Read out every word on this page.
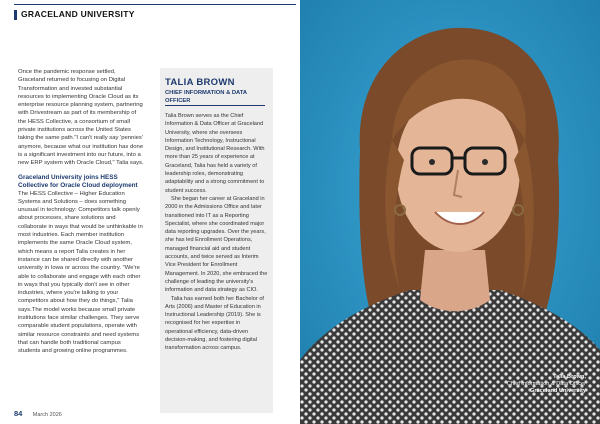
GRACELAND UNIVERSITY

Once the pandemic response settled, Graceland returned to focusing on Digital Transformation and invested substantial resources to implementing Oracle Cloud as its enterprise resource planning system, partnering with Drivestream as part of its membership of the HESS Collective, a consortium of small private institutions across the United States taking the same path."I can't really say 'pennies' anymore, because what our institution has done is a significant investment into our future, into a new ERP system with Oracle Cloud," Talia says.

Graceland University joins HESS Collective for Oracle Cloud deployment

The HESS Collective – Higher Education Systems and Solutions – does something unusual in technology: Competitors talk openly about processes, share solutions and collaborate in ways that would be unthinkable in most industries. Each member institution implements the same Oracle Cloud system, which means a report Talia creates in her instance can be shared directly with another university in Iowa or across the country. "We're able to collaborate and engage with each other in ways that you typically don't see in other industries, where you're talking to your competitors about how they do things," Talia says.The model works because small private institutions face similar challenges. They serve comparable student populations, operate with similar resource constraints and need systems that can handle both traditional campus students and growing online programmes.

TALIA BROWN
CHIEF INFORMATION & DATA OFFICER

Talia Brown serves as the Chief Information & Data Officer at Graceland University, where she oversees Information Technology, Instructional Design, and Institutional Research. With more than 25 years of experience at Graceland, Talia has held a variety of leadership roles, demonstrating adaptability and a strong commitment to student success.

She began her career at Graceland in 2000 in the Admissions Office and later transitioned into IT as a Reporting Specialist, where she coordinated major data reporting upgrades. Over the years, she has led Enrollment Operations, managed financial aid and student accounts, and twice served as Interim Vice President for Enrollment Management. In 2020, she embraced the challenge of leading the university's information and data strategy as CIO.

Talia has earned both her Bachelor of Arts (2006) and Master of Education in Instructional Leadership (2019). She is recognised for her expertise in operational efficiency, data-driven decision-making, and fostering digital transformation across campus.

84 March 2026
Talia Brown,
Chief Information & Data Officer
Graceland University
